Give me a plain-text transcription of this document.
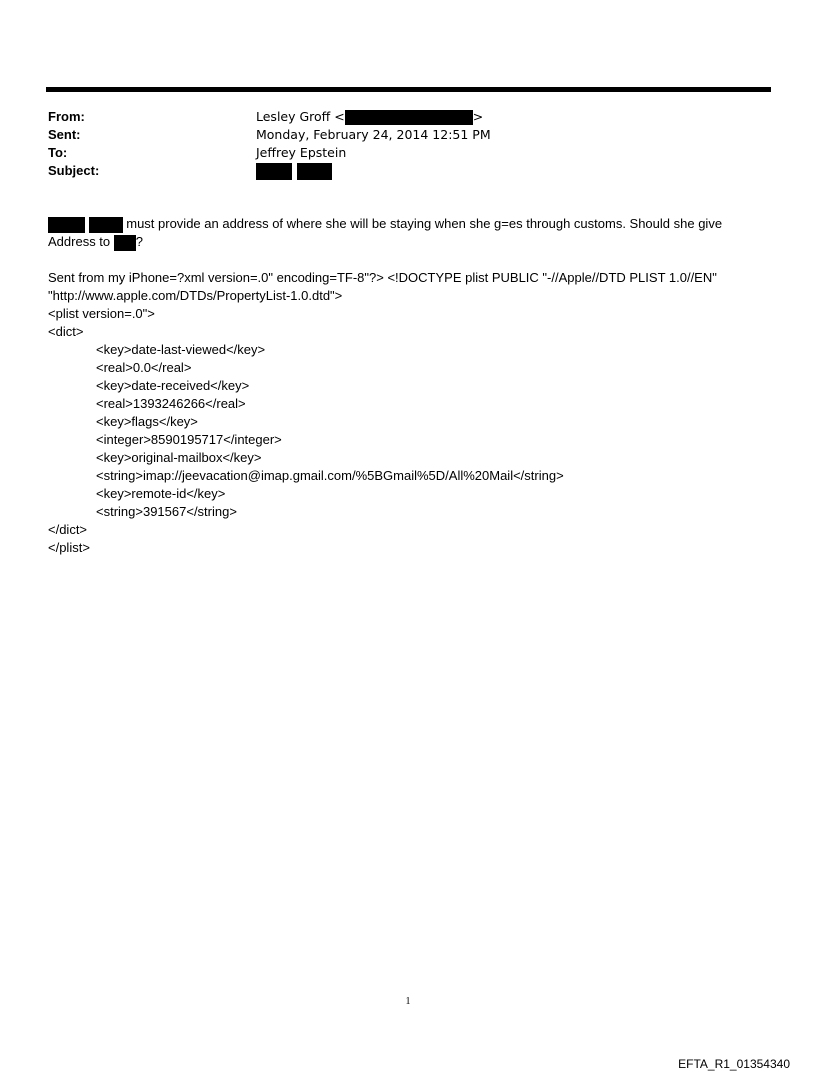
From:	Lesley Groff <	>
Sent:	Monday, February 24, 2014 12:51 PM
To:	Jeffrey Epstein
Subject:

must provide an address of where she will be staying when she g=es through customs. Should she give
Address to ?
Sent from my iPhone=?xml version=.0" encoding=TF-8"?> <!DOCTYPE plist PUBLIC "-//Apple//DTD PLIST 1.0//EN"
"http://www.apple.com/DTDs/PropertyList-1.0.dtd">
<plist version=.0">
<dict>
<key>date-last-viewed</key>
<real>0.0</real>
<key>date-received</key>
<real>1393246266</real>
<key>flags</key>
<integer>8590195717</integer>
<key>original-mailbox</key>
<string>imap://jeevacation@imap.gmail.com/%5BGmail%5D/All%20Mail</string>
<key>remote-id</key>
<string>391567</string>
</dict>
</plist>
1
EFTA_R1_01354340
